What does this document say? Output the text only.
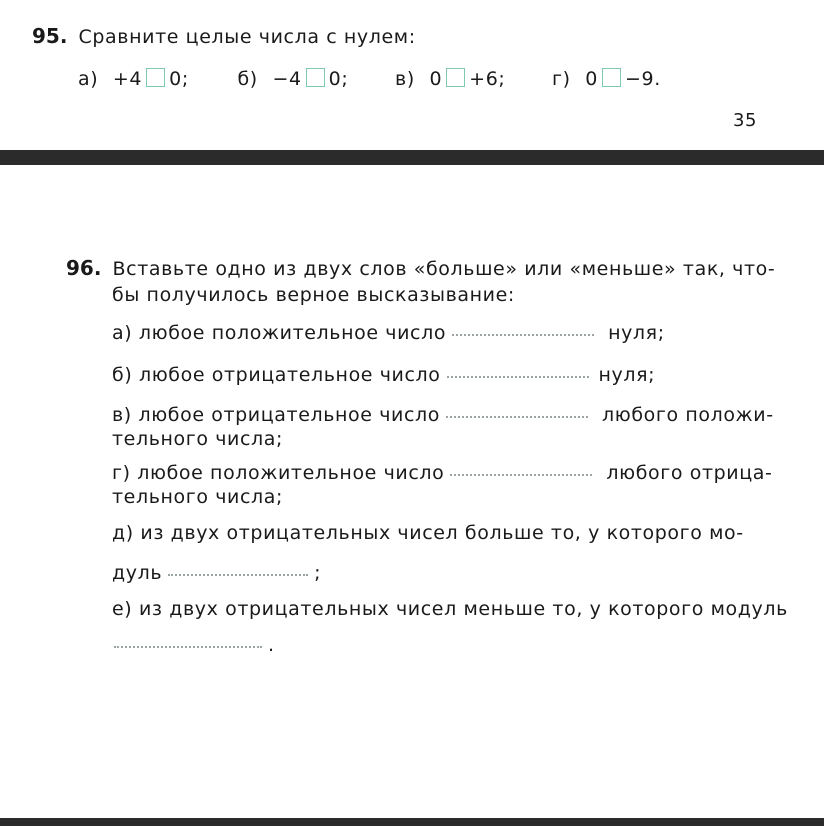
95. Сравните целые числа с нулем:
а) +4 0;	б) −4 0; в) 0 +6; г) 0 −9.
35
96. Вставьте одно из двух слов «больше» или «меньше» так, что-
бы получилось верное высказывание:
а) любое положительное число	нуля;
б) любое отрицательное число	нуля;
в) любое отрицательное число	любого положи-
тельного числа;
г) любое положительное число	любого отрица-
тельного числа;
д) из двух отрицательных чисел больше то, у которого мо-
дуль	;
е) из двух отрицательных чисел меньше то, у которого модуль
.
